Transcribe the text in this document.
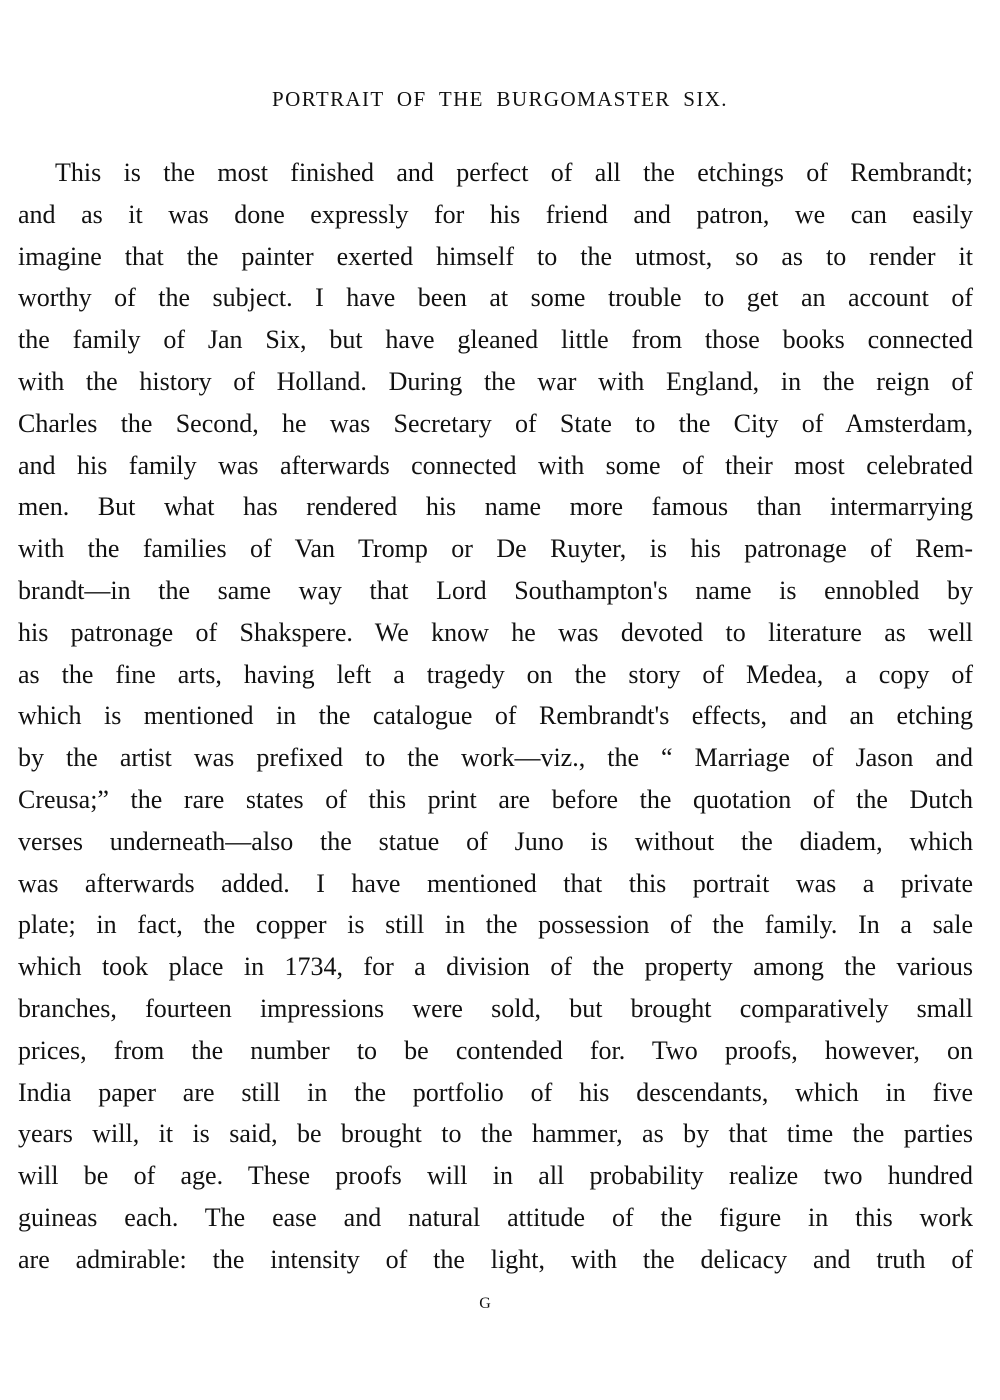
PORTRAIT OF THE BURGOMASTER SIX.
This is the most finished and perfect of all the etchings of Rembrandt;
and as it was done expressly for his friend and patron, we can easily
imagine that the painter exerted himself to the utmost, so as to render it
worthy of the subject. I have been at some trouble to get an account of
the family of Jan Six, but have gleaned little from those books connected
with the history of Holland. During the war with England, in the reign of
Charles the Second, he was Secretary of State to the City of Amsterdam,
and his family was afterwards connected with some of their most celebrated
men. But what has rendered his name more famous than intermarrying
with the families of Van Tromp or De Ruyter, is his patronage of Rem-
brandt—in the same way that Lord Southampton's name is ennobled by
his patronage of Shakspere. We know he was devoted to literature as well
as the fine arts, having left a tragedy on the story of Medea, a copy of
which is mentioned in the catalogue of Rembrandt's effects, and an etching
by the artist was prefixed to the work—viz., the “ Marriage of Jason and
Creusa;” the rare states of this print are before the quotation of the Dutch
verses underneath—also the statue of Juno is without the diadem, which
was afterwards added. I have mentioned that this portrait was a private
plate; in fact, the copper is still in the possession of the family. In a sale
which took place in 1734, for a division of the property among the various
branches, fourteen impressions were sold, but brought comparatively small
prices, from the number to be contended for. Two proofs, however, on
India paper are still in the portfolio of his descendants, which in five
years will, it is said, be brought to the hammer, as by that time the parties
will be of age. These proofs will in all probability realize two hundred
guineas each. The ease and natural attitude of the figure in this work
are admirable: the intensity of the light, with the delicacy and truth of
G
